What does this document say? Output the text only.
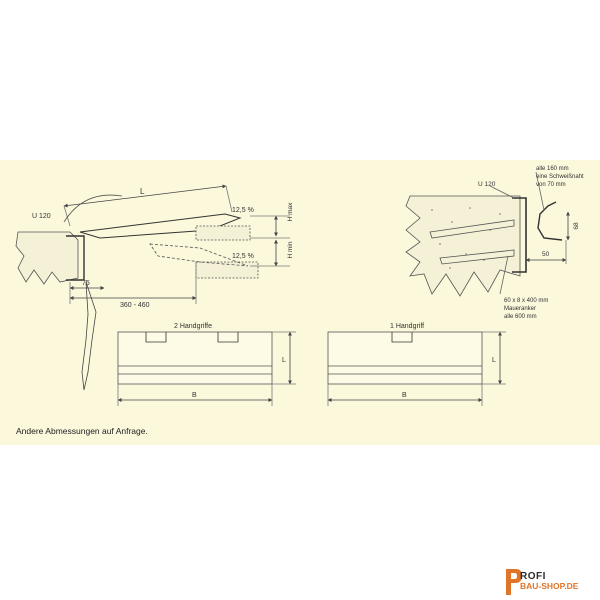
U 120
L
12,5 %
12,5 %
H max
H min
75
360 - 460
U 120
alle 160 mm
eine Schweißnaht
von 70 mm
68
50
60 x 8 x 400 mm
Maueranker
alle 600 mm
2 Handgriffe
L
B
1 Handgriff
L
B
Andere Abmessungen auf Anfrage.
ROFI
BAU-SHOP.DE
